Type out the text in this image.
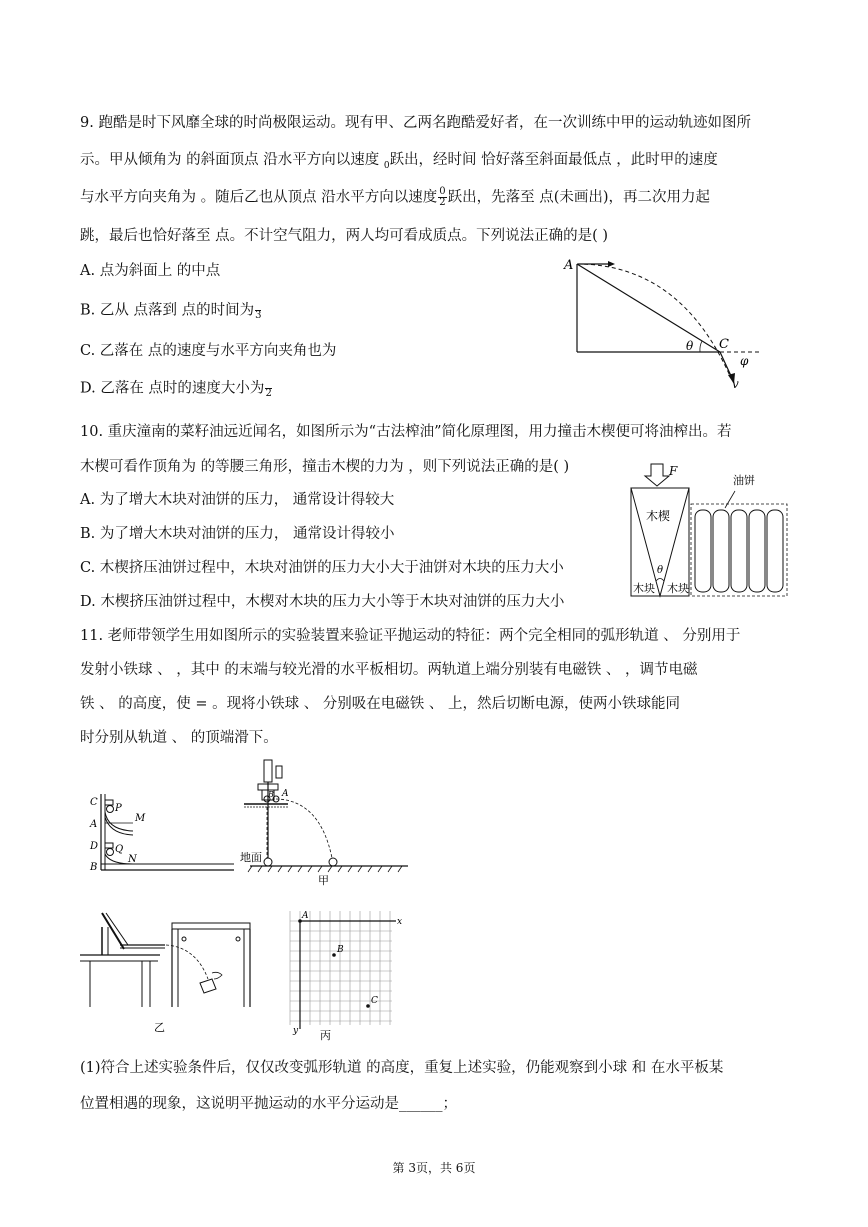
9. 跑酷是时下风靡全球的时尚极限运动。现有甲、乙两名跑酷爱好者，在一次训练中甲的运动轨迹如图所
示。甲从倾角为 的斜面顶点 沿水平方向以速度 $_0$跃出，经时间 恰好落至斜面最低点 ，此时甲的速度
与水平方向夹角为 。随后乙也从顶点 沿水平方向以速度 $\frac{0}{2}$ 跃出，先落至 点(未画出)，再二次用力起
跳，最后也恰好落至 点。不计空气阻力，两人均可看成质点。下列说法正确的是( )
A. 点为斜面上 的中点
B. 乙从 点落到 点的时间为
3
C. 乙落在 点的速度与水平方向夹角也为
D. 乙落在 点时的速度大小为
2
A
C
θ
φ
v
10. 重庆潼南的菜籽油远近闻名，如图所示为“古法榨油”简化原理图，用力撞击木楔便可将油榨出。若
木楔可看作顶角为 的等腰三角形，撞击木楔的力为 ，则下列说法正确的是( )
A. 为了增大木块对油饼的压力， 通常设计得较大
B. 为了增大木块对油饼的压力， 通常设计得较小
C. 木楔挤压油饼过程中，木块对油饼的压力大小大于油饼对木块的压力大小
D. 木楔挤压油饼过程中，木楔对木块的压力大小等于木块对油饼的压力大小
F
木楔
θ
木块 木块
油饼
11. 老师带领学生用如图所示的实验装置来验证平抛运动的特征：两个完全相同的弧形轨道 、 分别用于
发射小铁球 、 ，其中 的末端与较光滑的水平板相切。两轨道上端分别装有电磁铁 、 ，调节电磁
铁 、 的高度，使 = 。现将小铁球 、 分别吸在电磁铁 、 上，然后切断电源，使两小铁球能同
时分别从轨道 、 的顶端滑下。
C
P
A
M
D Q
B
N
B A
地面
甲
乙
A
x
B
C
y 丙
(1)符合上述实验条件后，仅仅改变弧形轨道 的高度，重复上述实验，仍能观察到小球 和 在水平板某
位置相遇的现象，这说明平抛运动的水平分运动是______；
第 3页，共 6页
